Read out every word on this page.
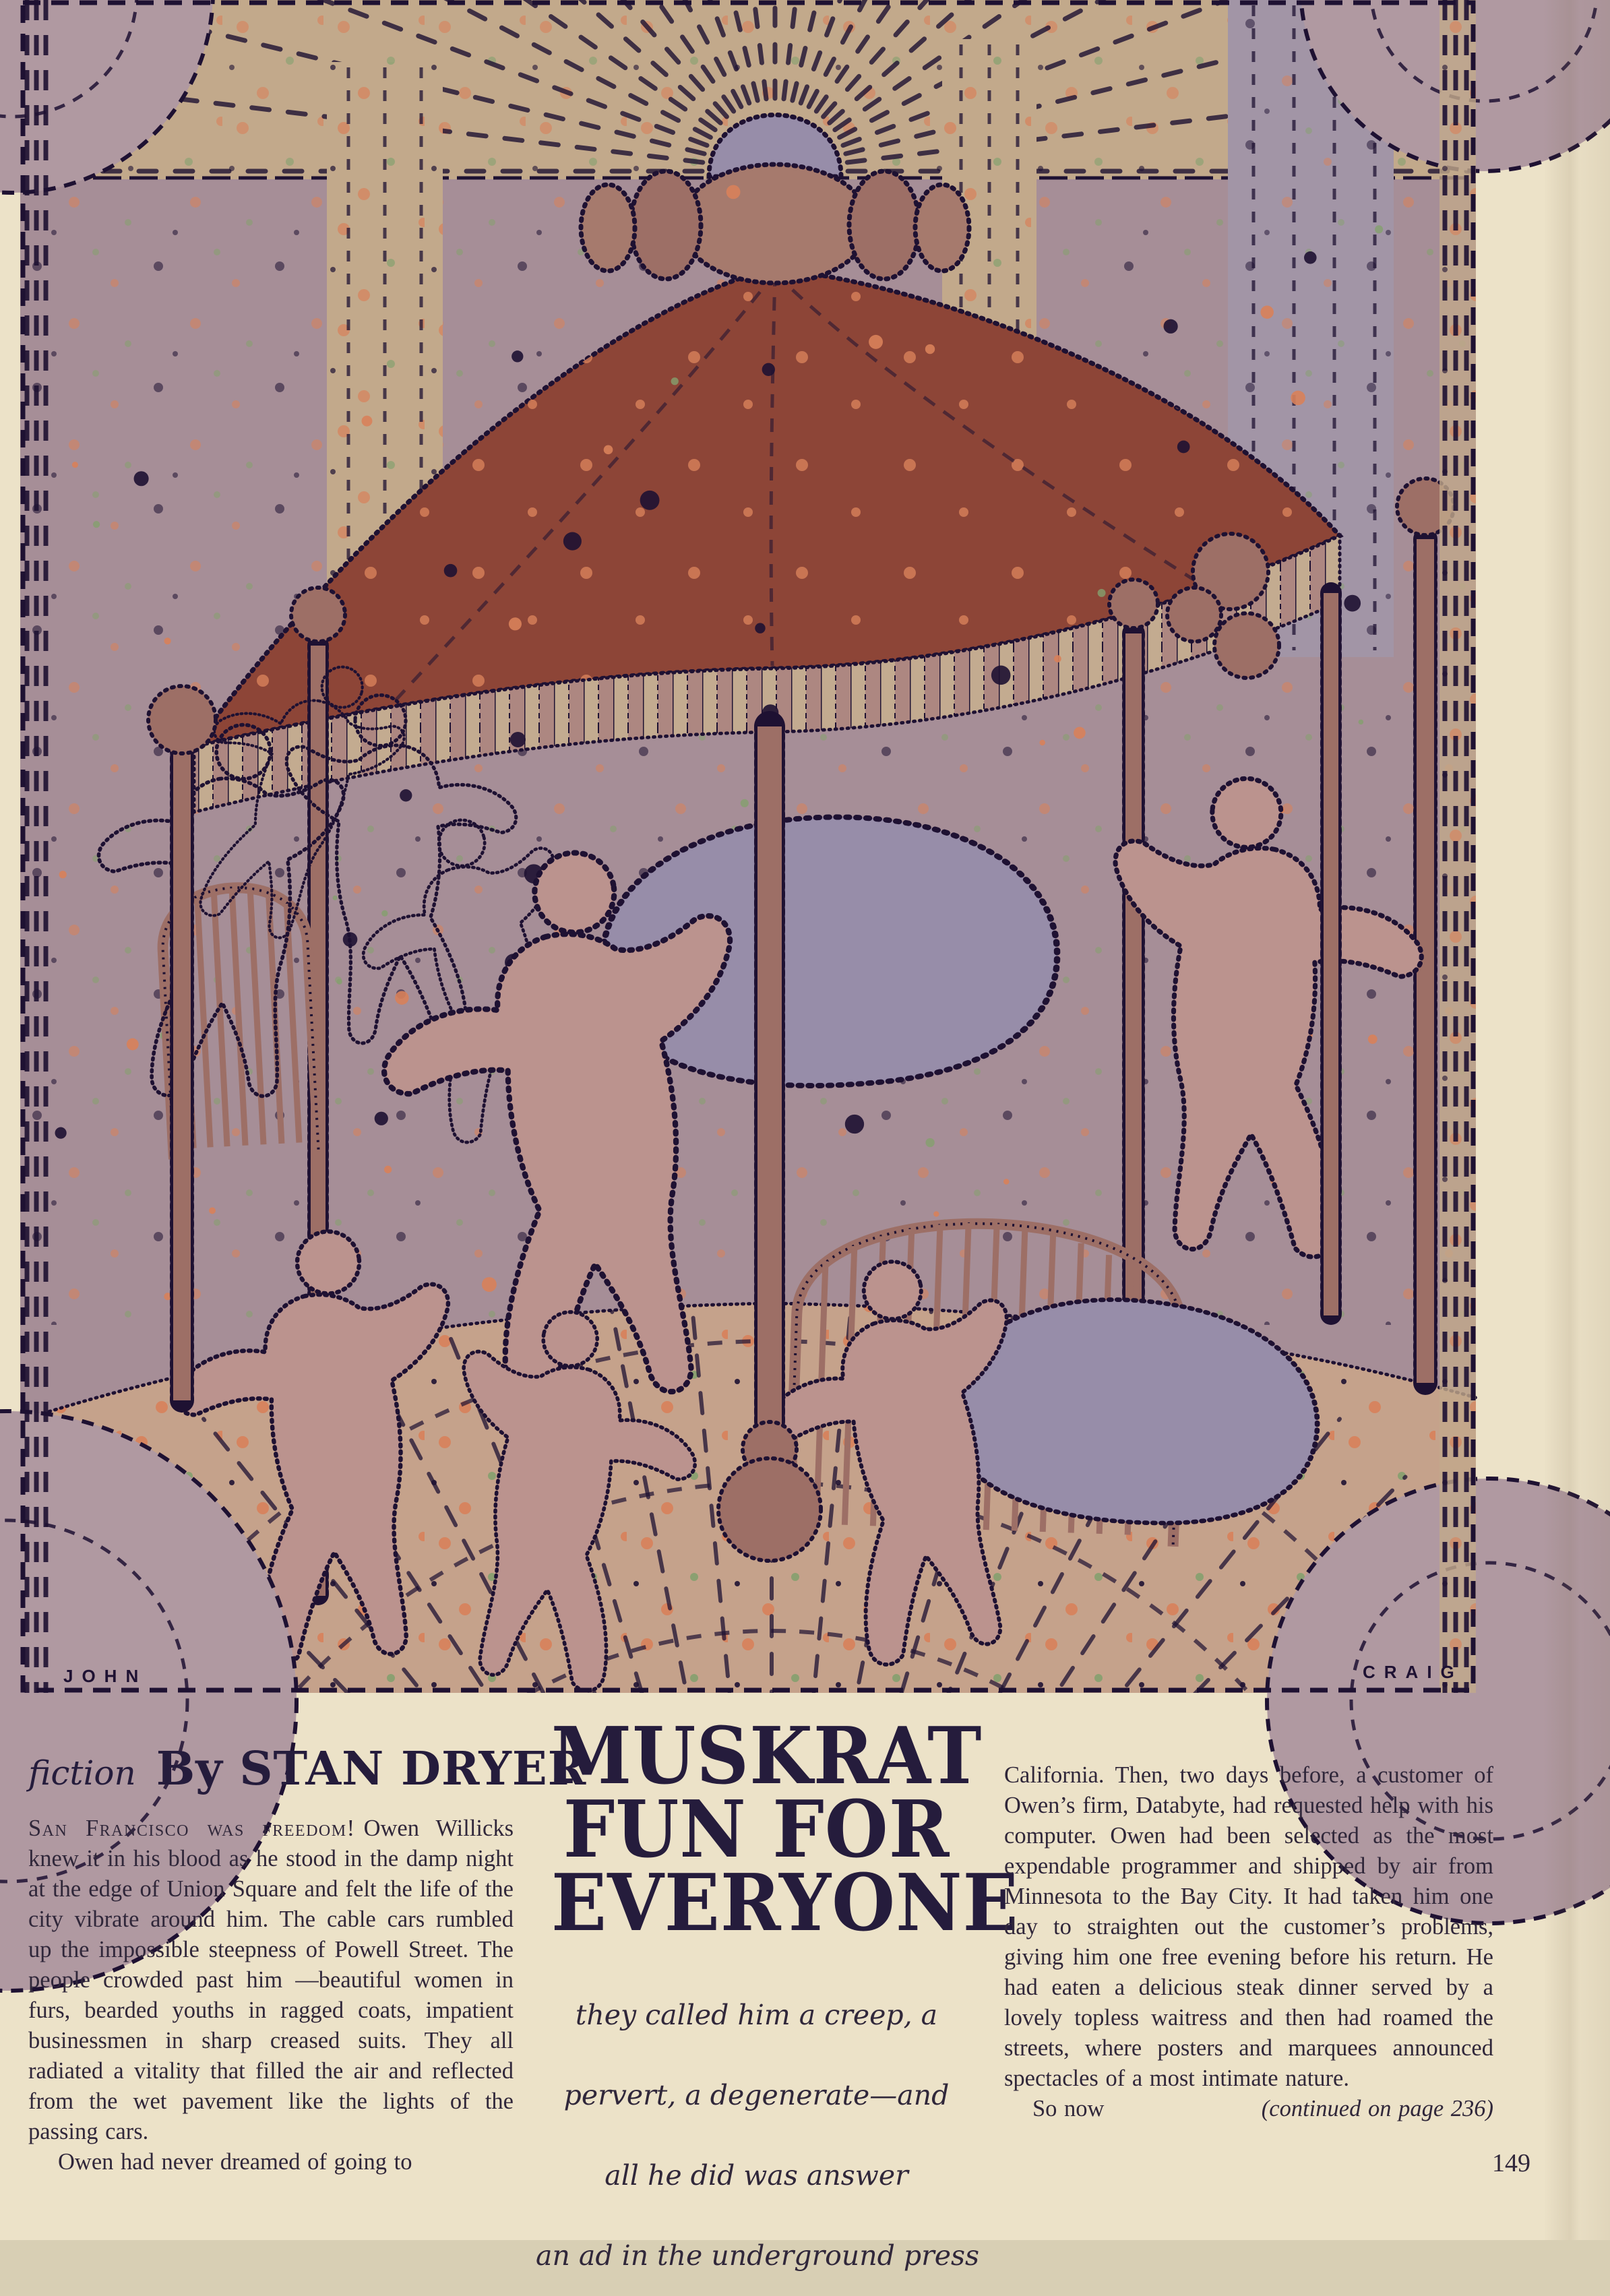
JOHN	CRAIG
fiction By STAN DRYER

San Francisco was freedom! Owen Willicks knew it in his blood as he stood in the damp night at the edge of Union Square and felt the life of the city vibrate around him. The cable cars rumbled up the impossible steepness of Powell Street. The people crowded past him —beautiful women in furs, bearded youths in ragged coats, impatient businessmen in sharp creased suits. They all radiated a vitality that filled the air and reflected from the wet pavement like the lights of the passing cars.

Owen had never dreamed of going to

MUSKRAT
FUN FOR
EVERYONE
they called him a creep, a
pervert, a degenerate—and
all he did was answer
an ad in the underground press

California. Then, two days before, a customer of Owen’s firm, Databyte, had requested help with his computer. Owen had been selected as the most expendable programmer and shipped by air from Minnesota to the Bay City. It had taken him one day to straighten out the customer’s problems, giving him one free evening before his return. He had eaten a delicious steak dinner served by a lovely topless waitress and then had roamed the streets, where posters and marquees announced spectacles of a most intimate nature.

So now	(continued on page 236)

149
